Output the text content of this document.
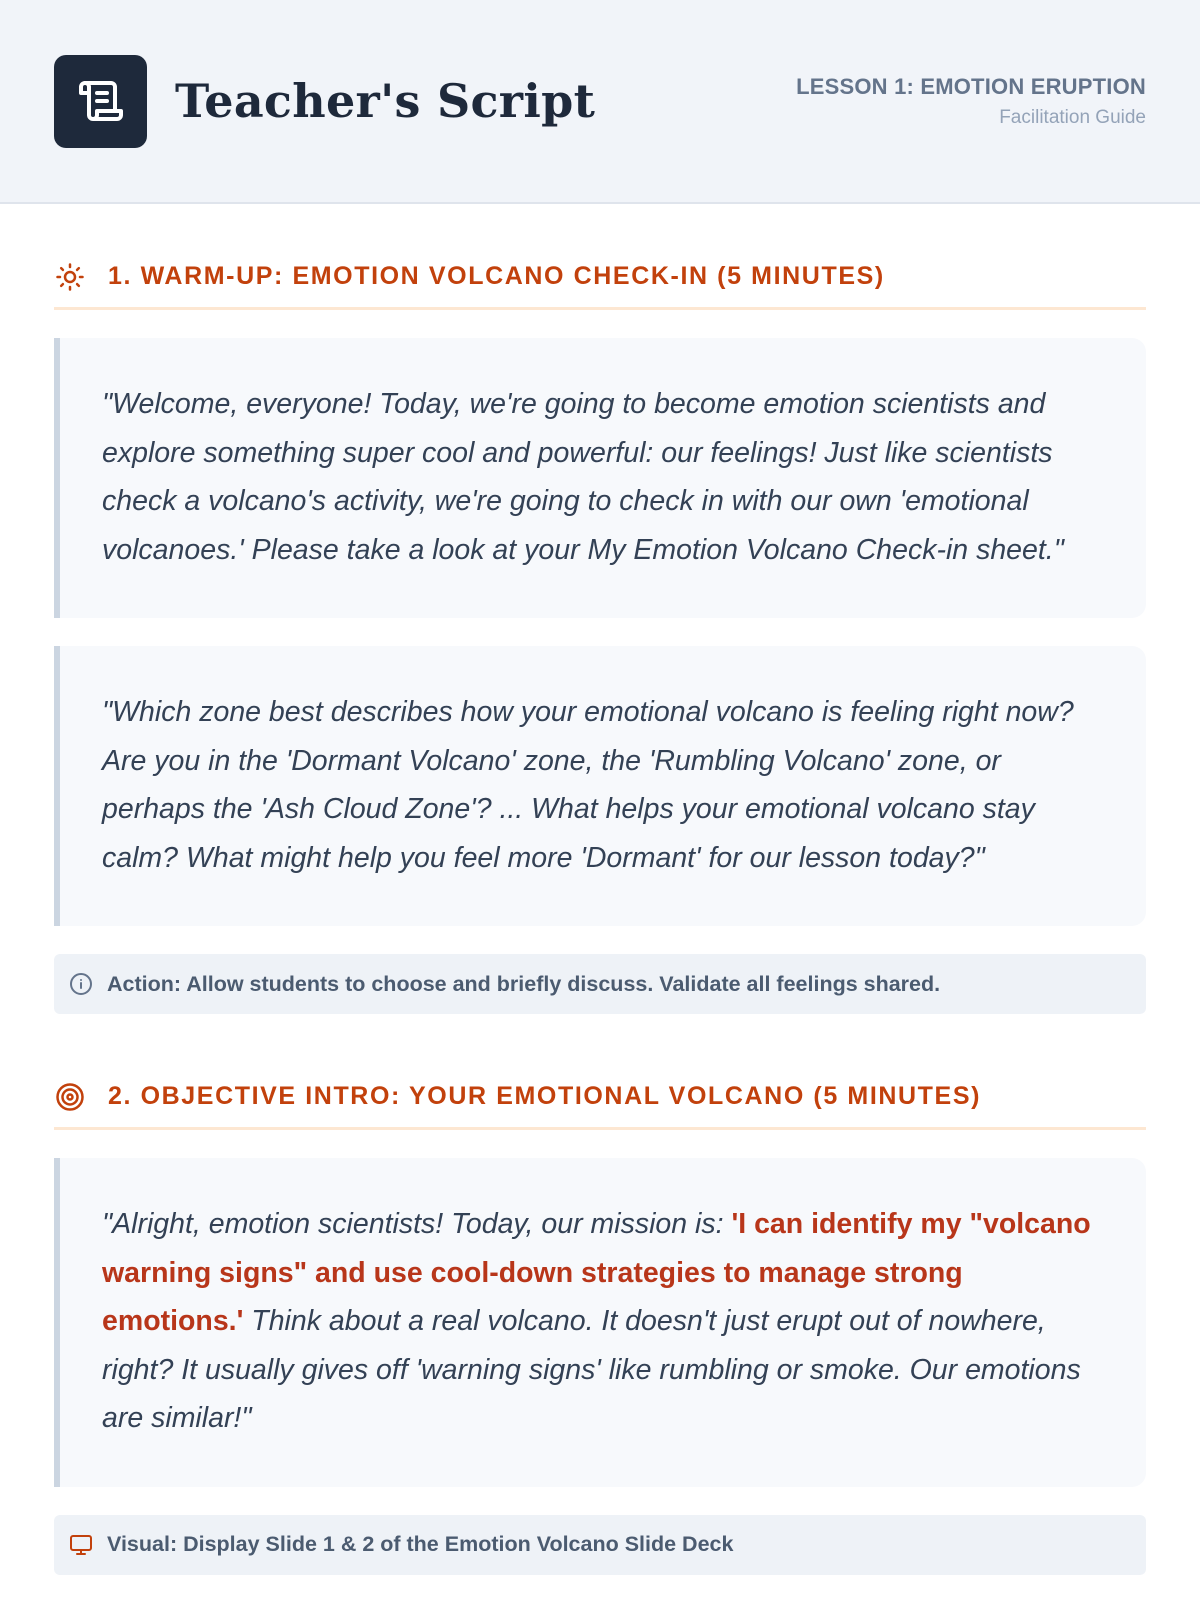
Teacher's Script	LESSON 1: EMOTION ERUPTION
Facilitation Guide
1. WARM-UP: EMOTION VOLCANO CHECK-IN (5 MINUTES)
"Welcome, everyone! Today, we're going to become emotion scientists and explore something super cool and powerful: our feelings! Just like scientists check a volcano's activity, we're going to check in with our own 'emotional volcanoes.' Please take a look at your My Emotion Volcano Check-in sheet."
"Which zone best describes how your emotional volcano is feeling right now? Are you in the 'Dormant Volcano' zone, the 'Rumbling Volcano' zone, or perhaps the 'Ash Cloud Zone'? ... What helps your emotional volcano stay calm? What might help you feel more 'Dormant' for our lesson today?"
Action: Allow students to choose and briefly discuss. Validate all feelings shared.
2. OBJECTIVE INTRO: YOUR EMOTIONAL VOLCANO (5 MINUTES)
"Alright, emotion scientists! Today, our mission is: 'I can identify my "volcano warning signs" and use cool-down strategies to manage strong emotions.' Think about a real volcano. It doesn't just erupt out of nowhere, right? It usually gives off 'warning signs' like rumbling or smoke. Our emotions are similar!"
Visual: Display Slide 1 & 2 of the Emotion Volcano Slide Deck
